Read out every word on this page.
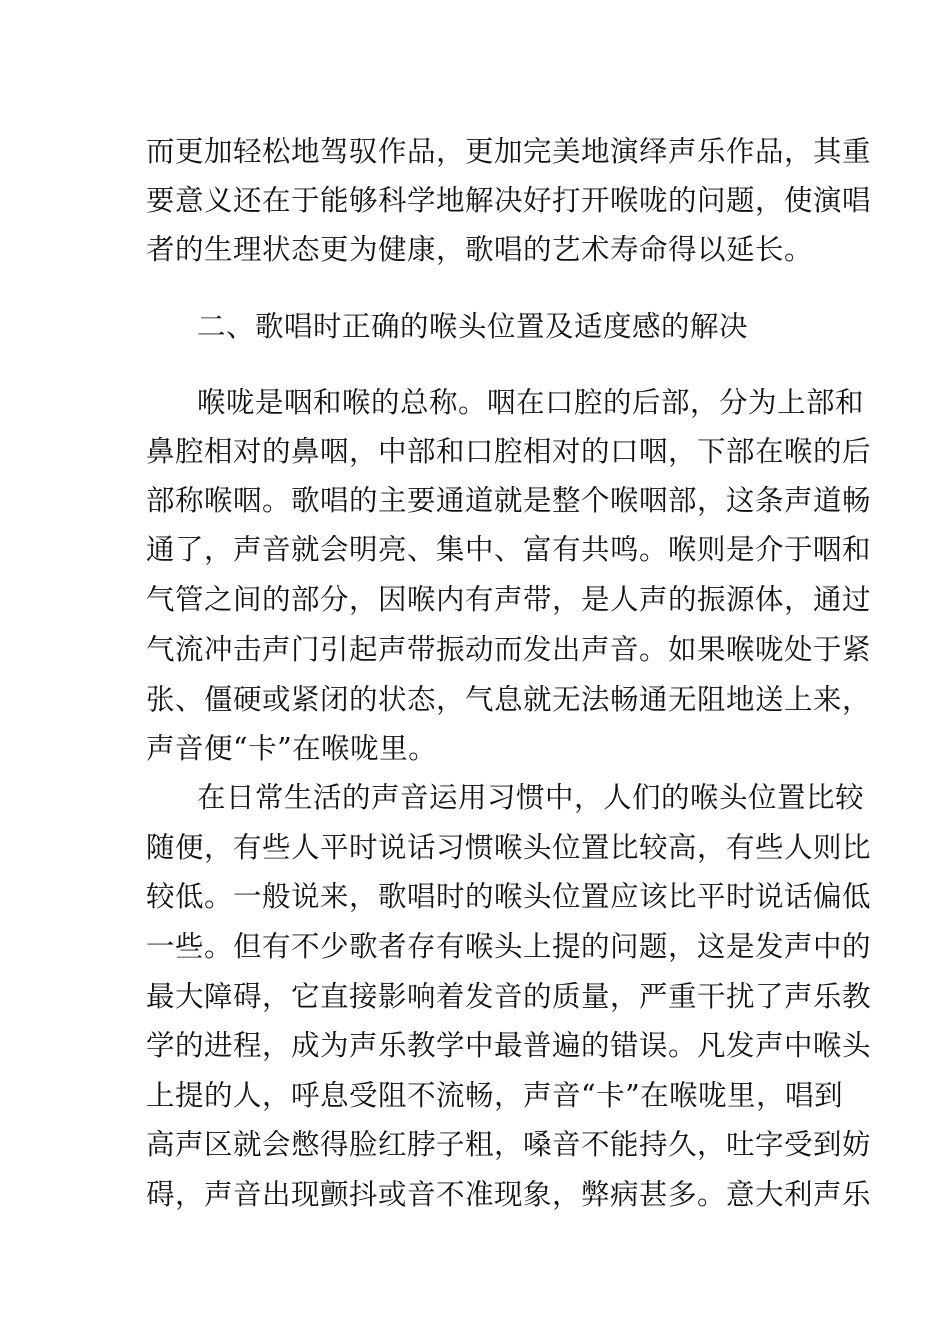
而更加轻松地驾驭作品，更加完美地演绎声乐作品，其重

要意义还在于能够科学地解决好打开喉咙的问题，使演唱

者的生理状态更为健康，歌唱的艺术寿命得以延长。

二、歌唱时正确的喉头位置及适度感的解决

喉咙是咽和喉的总称。咽在口腔的后部，分为上部和

鼻腔相对的鼻咽，中部和口腔相对的口咽，下部在喉的后

部称喉咽。歌唱的主要通道就是整个喉咽部，这条声道畅

通了，声音就会明亮、集中、富有共鸣。喉则是介于咽和

气管之间的部分，因喉内有声带，是人声的振源体，通过

气流冲击声门引起声带振动而发出声音。如果喉咙处于紧

张、僵硬或紧闭的状态，气息就无法畅通无阻地送上来，

声音便“卡”在喉咙里。

在日常生活的声音运用习惯中，人们的喉头位置比较

随便，有些人平时说话习惯喉头位置比较高，有些人则比

较低。一般说来，歌唱时的喉头位置应该比平时说话偏低

一些。但有不少歌者存有喉头上提的问题，这是发声中的

最大障碍，它直接影响着发音的质量，严重干扰了声乐教

学的进程，成为声乐教学中最普遍的错误。凡发声中喉头

上提的人，呼息受阻不流畅，声音“卡”在喉咙里，唱到

高声区就会憋得脸红脖子粗，嗓音不能持久，吐字受到妨

碍，声音出现颤抖或音不准现象，弊病甚多。意大利声乐
